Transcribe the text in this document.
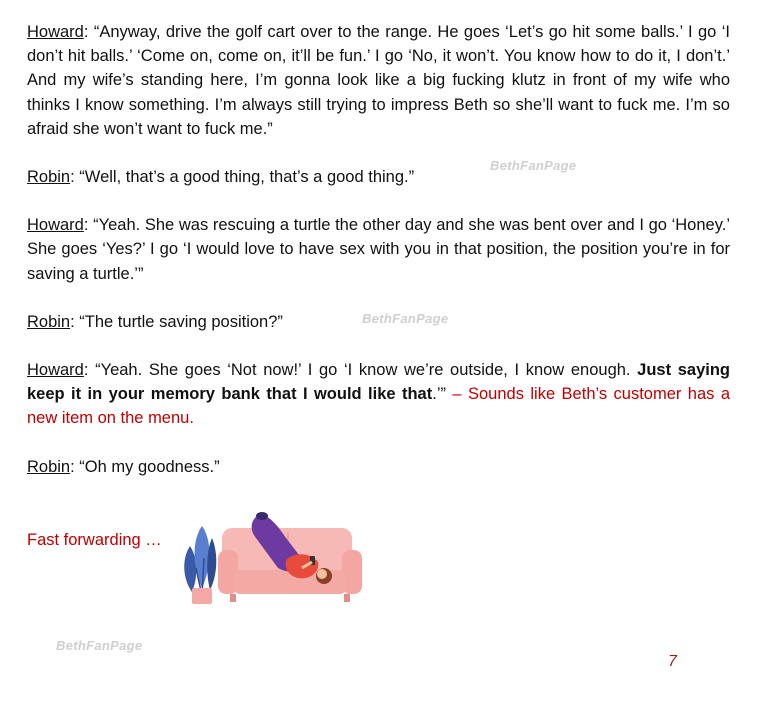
Howard: “Anyway, drive the golf cart over to the range. He goes ‘Let’s go hit some balls.’ I go ‘I don’t hit balls.’ ‘Come on, come on, it’ll be fun.’ I go ‘No, it won’t. You know how to do it, I don’t.’ And my wife’s standing here, I’m gonna look like a big fucking klutz in front of my wife who thinks I know something. I’m always still trying to impress Beth so she’ll want to fuck me. I’m so afraid she won’t want to fuck me.”

Robin: “Well, that’s a good thing, that’s a good thing.”

Howard: “Yeah. She was rescuing a turtle the other day and she was bent over and I go ‘Honey.’ She goes ‘Yes?’ I go ‘I would love to have sex with you in that position, the position you’re in for saving a turtle.’”

Robin: “The turtle saving position?”

Howard: “Yeah. She goes ‘Not now!’ I go ‘I know we’re outside, I know enough. Just saying keep it in your memory bank that I would like that.’” – Sounds like Beth’s customer has a new item on the menu.

Robin: “Oh my goodness.”

BethFanPage
BethFanPage
BethFanPage
Fast forwarding …
7
